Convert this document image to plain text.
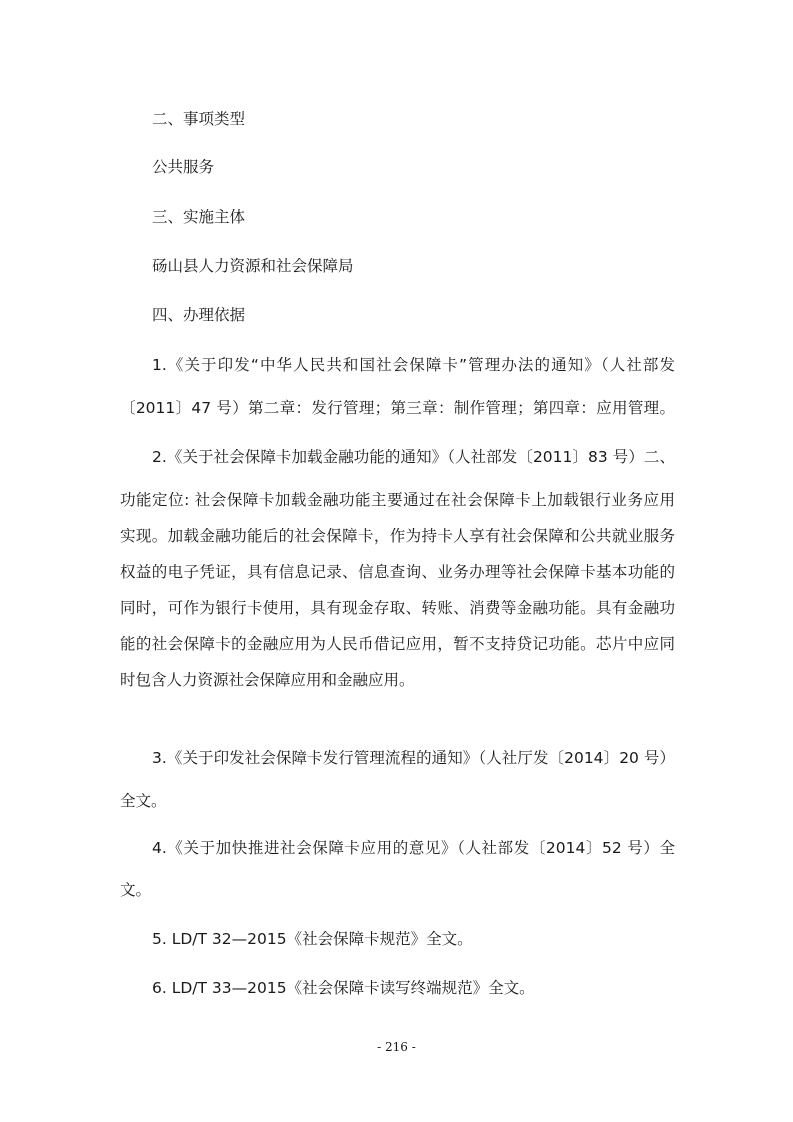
二、事项类型
公共服务
三、实施主体
砀山县人力资源和社会保障局
四、办理依据
1.《关于印发“中华人民共和国社会保障卡”管理办法的通知》（人社部发
〔2011〕47 号）第二章：发行管理；第三章：制作管理；第四章：应用管理。
2.《关于社会保障卡加载金融功能的通知》（人社部发〔2011〕83 号）二、
功能定位: 社会保障卡加载金融功能主要通过在社会保障卡上加载银行业务应用
实现。加载金融功能后的社会保障卡，作为持卡人享有社会保障和公共就业服务
权益的电子凭证，具有信息记录、信息查询、业务办理等社会保障卡基本功能的
同时，可作为银行卡使用，具有现金存取、转账、消费等金融功能。具有金融功
能的社会保障卡的金融应用为人民币借记应用，暂不支持贷记功能。芯片中应同
时包含人力资源社会保障应用和金融应用。
3.《关于印发社会保障卡发行管理流程的通知》（人社厅发〔2014〕20 号）
全文。
4.《关于加快推进社会保障卡应用的意见》（人社部发〔2014〕52 号）全
文。
5. LD/T 32—2015《社会保障卡规范》全文。
6. LD/T 33—2015《社会保障卡读写终端规范》全文。
- 216 -
